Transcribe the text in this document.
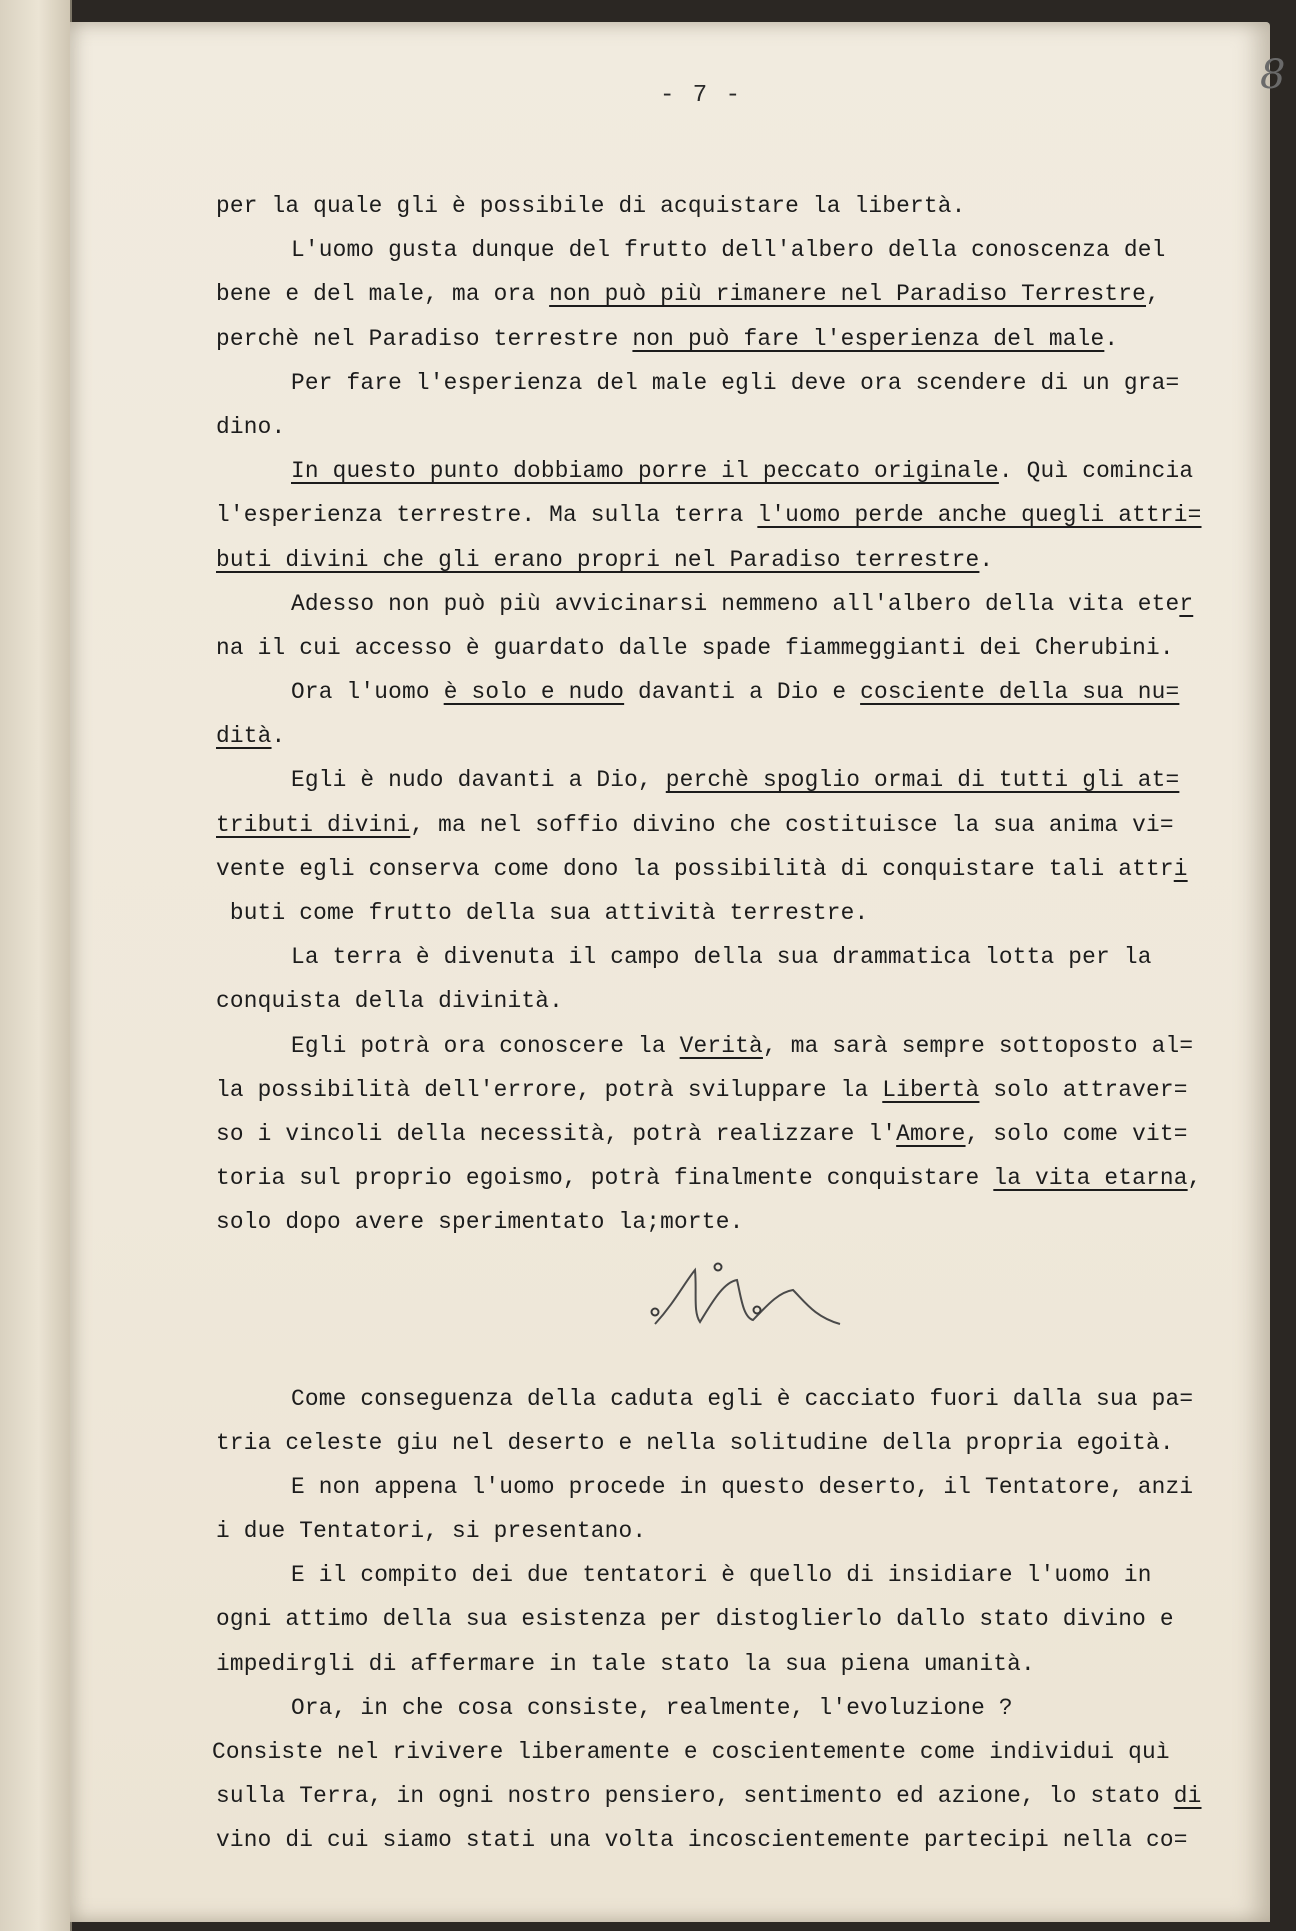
- 7 -	8
per la quale gli è possibile di acquistare la libertà.
L'uomo gusta dunque del frutto dell'albero della conoscenza del
bene e del male, ma ora non può più rimanere nel Paradiso Terrestre ,
perchè nel Paradiso terrestre non può fare l'esperienza del male .
Per fare l'esperienza del male egli deve ora scendere di un gra=
dino.
In questo punto dobbiamo porre il peccato originale . Quì comincia
l'esperienza terrestre. Ma sulla terra l'uomo perde anche quegli attri=
buti divini che gli erano propri nel Paradiso terrestre .
Adesso non può più avvicinarsi nemmeno all'albero della vita ete r
na il cui accesso è guardato dalle spade fiammeggianti dei Cherubini.
Ora l'uomo è solo e nudo davanti a Dio e cosciente della sua nu=
dità .
Egli è nudo davanti a Dio, perchè spoglio ormai di tutti gli at=
tributi divini , ma nel soffio divino che costituisce la sua anima vi=
vente egli conserva come dono la possibilità di conquistare tali attr i
buti come frutto della sua attività terrestre.
La terra è divenuta il campo della sua drammatica lotta per la
conquista della divinità.
Egli potrà ora conoscere la Verità , ma sarà sempre sottoposto al=
la possibilità dell'errore, potrà sviluppare la Libertà solo attraver=
so i vincoli della necessità, potrà realizzare l' Amore , solo come vit=
toria sul proprio egoismo, potrà finalmente conquistare la vita etarna ,
solo dopo avere sperimentato la;morte.
Come conseguenza della caduta egli è cacciato fuori dalla sua pa=
tria celeste giu nel deserto e nella solitudine della propria egoità.
E non appena l'uomo procede in questo deserto, il Tentatore, anzi
i due Tentatori, si presentano.
E il compito dei due tentatori è quello di insidiare l'uomo in
ogni attimo della sua esistenza per distoglierlo dallo stato divino e
impedirgli di affermare in tale stato la sua piena umanità.
Ora, in che cosa consiste, realmente, l'evoluzione ?
Consiste nel rivivere liberamente e coscientemente come individui quì
sulla Terra, in ogni nostro pensiero, sentimento ed azione, lo stato di
vino di cui siamo stati una volta incoscientemente partecipi nella co=
